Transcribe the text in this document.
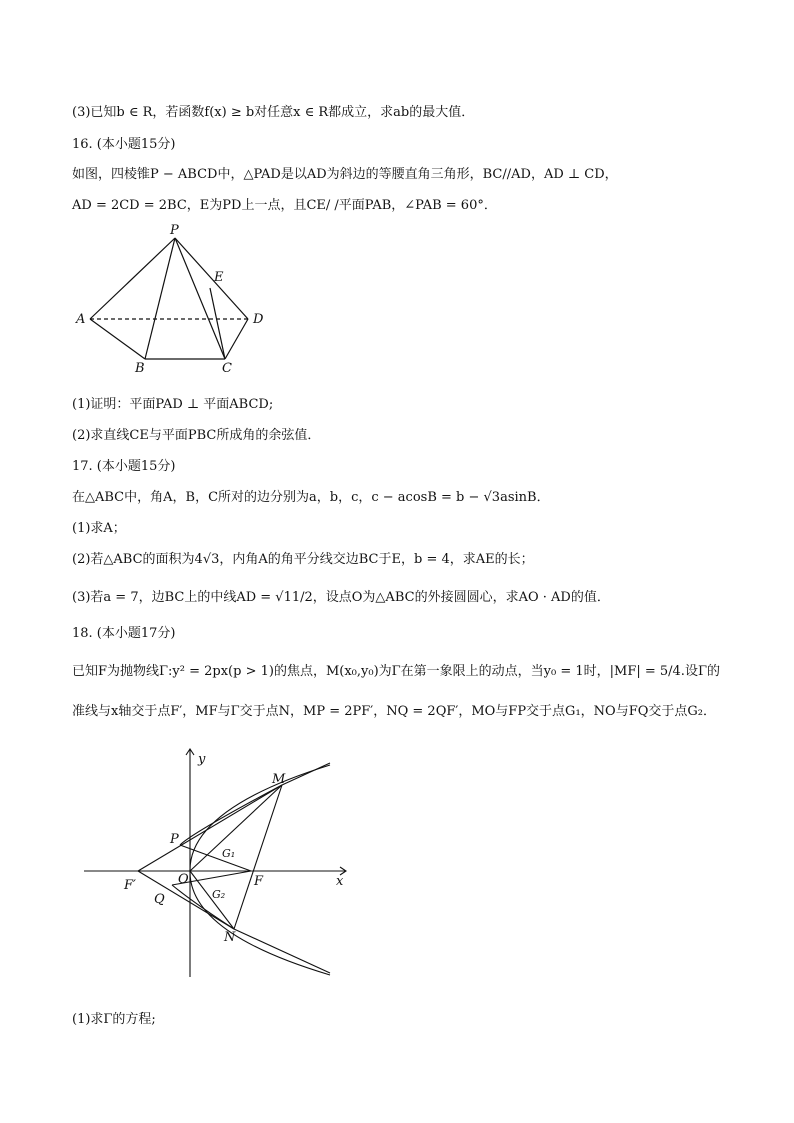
(3)已知b ∈ R，若函数f(x) ≥ b对任意x ∈ R都成立，求ab的最大值．
16. (本小题15分)
如图，四棱锥P − ABCD中，△PAD是以AD为斜边的等腰直角三角形，BC//AD，AD ⊥ CD，
AD = 2CD = 2BC，E为PD上一点，且CE/ /平面PAB，∠PAB = 60°．
P
E
A	D
B	C
(1)证明：平面PAD ⊥ 平面ABCD;
(2)求直线CE与平面PBC所成角的余弦值．
17. (本小题15分)
在△ABC中，角A，B，C所对的边分别为a，b，c，c − acosB = b − √3asinB．
(1)求A；
(2)若△ABC的面积为4√3，内角A的角平分线交边BC于E，b = 4，求AE的长；
(3)若a = 7，边BC上的中线AD = √11/2，设点O为△ABC的外接圆圆心，求AO · AD的值．
18. (本小题17分)
已知F为抛物线Γ:y² = 2px(p > 1)的焦点，M(x₀,y₀)为Γ在第一象限上的动点，当y₀ = 1时，|MF| = 5/4.设Γ的
准线与x轴交于点F′，MF与Γ交于点N，MP = 2PF′，NQ = 2QF′，MO与FP交于点G₁，NO与FQ交于点G₂．
y
x
M
P
G₁
O	F
F′
Q	G₂
N
(1)求Γ的方程;
